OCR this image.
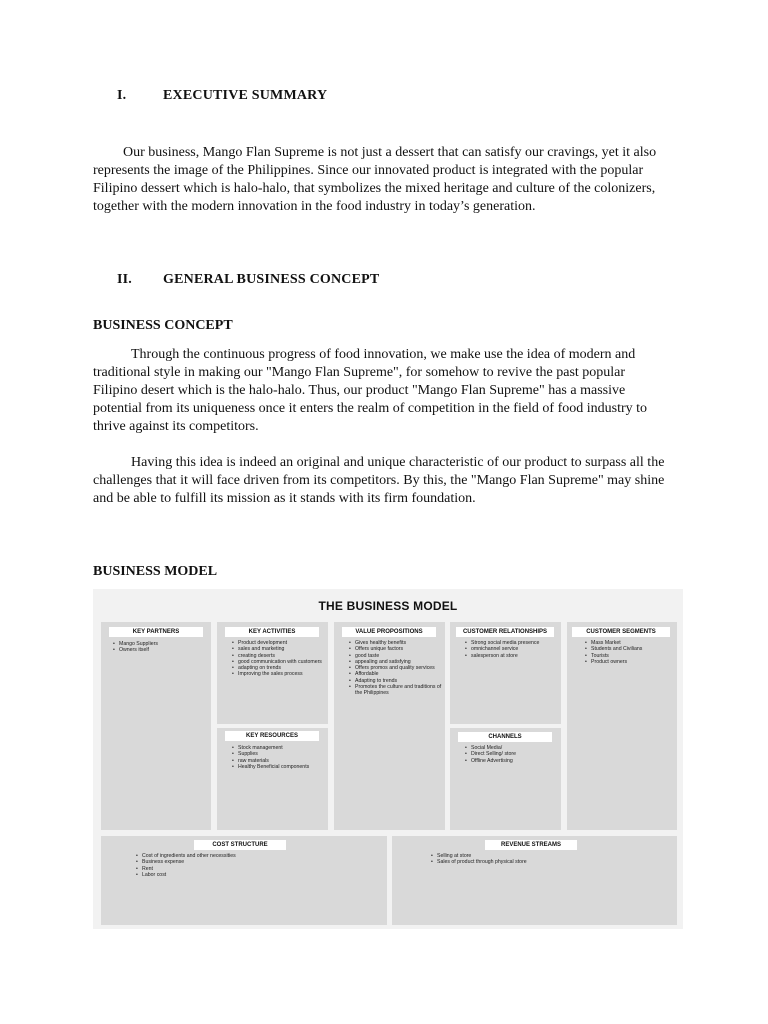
I.	EXECUTIVE SUMMARY

Our business, Mango Flan Supreme is not just a dessert that can satisfy our cravings, yet it also represents the image of the Philippines. Since our innovated product is integrated with the popular Filipino dessert which is halo-halo, that symbolizes the mixed heritage and culture of the colonizers, together with the modern innovation in the food industry in today’s generation.

II. GENERAL BUSINESS CONCEPT
BUSINESS CONCEPT

Through the continuous progress of food innovation, we make use the idea of modern and traditional style in making our "Mango Flan Supreme", for somehow to revive the past popular Filipino desert which is the halo-halo. Thus, our product "Mango Flan Supreme" has a massive potential from its uniqueness once it enters the realm of competition in the field of food industry to thrive against its competitors.

Having this idea is indeed an original and unique characteristic of our product to surpass all the challenges that it will face driven from its competitors. By this, the "Mango Flan Supreme" may shine and be able to fulfill its mission as it stands with its firm foundation.

BUSINESS MODEL
THE BUSINESS MODEL
KEY PARTNERS
• Mango Suppliers
• Owners itself
KEY ACTIVITIES
• Product development
• sales and marketing
• creating deserts
• good communication with customers
• adapting on trends
• Improving the sales process
KEY RESOURCES
• Stock management
• Supplies
• raw materials
• Healthy Beneficial components
VALUE PROPOSITIONS
• Gives healthy benefits
• Offers unique factors
• good taste
• appealing and satisfying
• Offers promos and quality services
• Affordable
• Adapting to trends
• Promotes the culture and traditions of the Philippines
CUSTOMER RELATIONSHIPS
• Strong social media presence
• omnichannel service
• salesperson at store
CHANNELS
• Social Media/
• Direct Selling/ store
• Offline Advertising
CUSTOMER SEGMENTS
• Mass Market
• Students and Civilians
• Tourists
• Product owners
COST STRUCTURE
• Cost of ingredients and other necessities
• Business expense
• Rent
• Labor cost
REVENUE STREAMS
• Selling at store
• Sales of product through physical store
